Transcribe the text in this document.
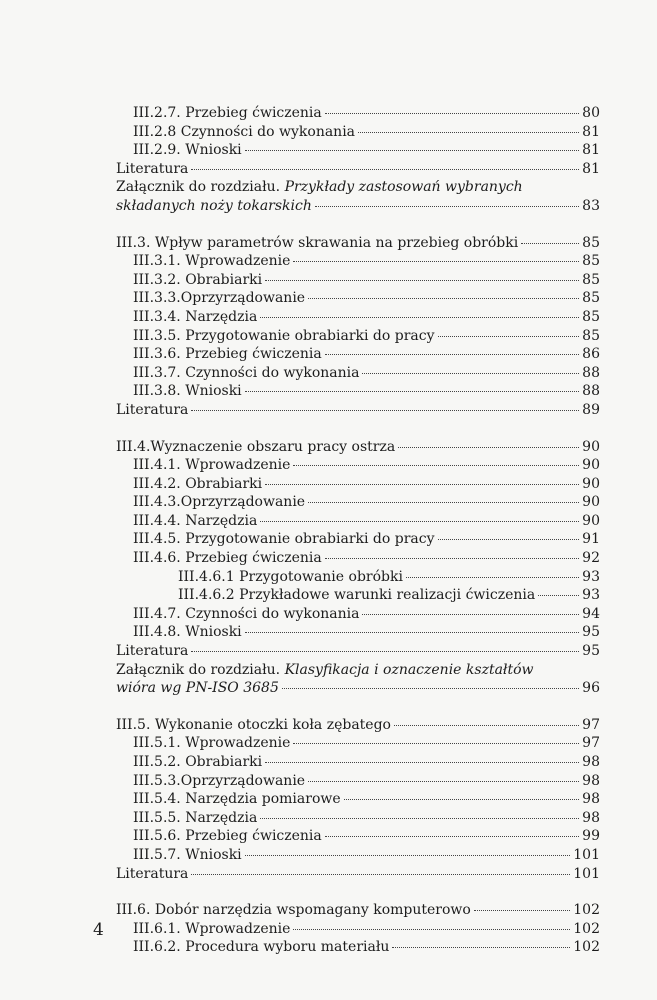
III.2.7. Przebieg ćwiczenia	80
III.2.8 Czynności do wykonania	81
III.2.9. Wnioski	81
Literatura	81
Załącznik do rozdziału. Przykłady zastosowań wybranych
składanych noży tokarskich	83
III.3. Wpływ parametrów skrawania na przebieg obróbki	85
III.3.1. Wprowadzenie	85
III.3.2. Obrabiarki	85
III.3.3.Oprzyrządowanie	85
III.3.4. Narzędzia	85
III.3.5. Przygotowanie obrabiarki do pracy	85
III.3.6. Przebieg ćwiczenia	86
III.3.7. Czynności do wykonania	88
III.3.8. Wnioski	88
Literatura	89
III.4.Wyznaczenie obszaru pracy ostrza	90
III.4.1. Wprowadzenie	90
III.4.2. Obrabiarki	90
III.4.3.Oprzyrządowanie	90
III.4.4. Narzędzia	90
III.4.5. Przygotowanie obrabiarki do pracy	91
III.4.6. Przebieg ćwiczenia	92
III.4.6.1 Przygotowanie obróbki	93
III.4.6.2 Przykładowe warunki realizacji ćwiczenia	93
III.4.7. Czynności do wykonania	94
III.4.8. Wnioski	95
Literatura	95
Załącznik do rozdziału. Klasyfikacja i oznaczenie kształtów
wióra wg PN-ISO 3685	96
III.5. Wykonanie otoczki koła zębatego	97
III.5.1. Wprowadzenie	97
III.5.2. Obrabiarki	98
III.5.3.Oprzyrządowanie	98
III.5.4. Narzędzia pomiarowe	98
III.5.5. Narzędzia	98
III.5.6. Przebieg ćwiczenia	99
III.5.7. Wnioski	101
Literatura	101
III.6. Dobór narzędzia wspomagany komputerowo	102
III.6.1. Wprowadzenie	102
III.6.2. Procedura wyboru materiału	102
4
